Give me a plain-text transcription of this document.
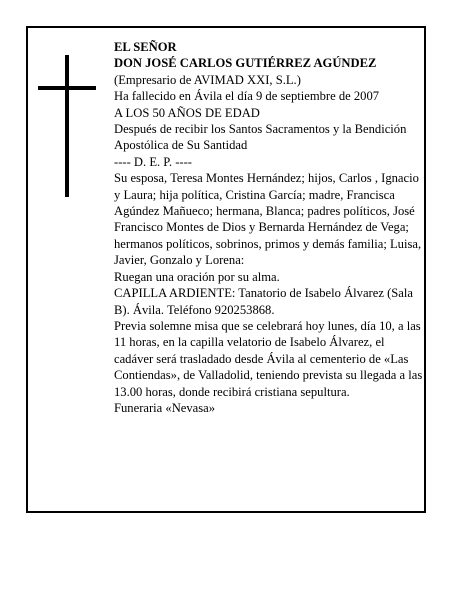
EL SEÑOR

DON JOSÉ CARLOS GUTIÉRREZ AGÚNDEZ

(Empresario de AVIMAD XXI, S.L.)

Ha fallecido en Ávila el día 9 de septiembre de 2007

A LOS 50 AÑOS DE EDAD

Después de recibir los Santos Sacramentos y la Bendición Apostólica de Su Santidad

---- D. E. P. ----

Su esposa, Teresa Montes Hernández; hijos, Carlos , Ignacio y Laura; hija política, Cristina García; madre, Francisca Agúndez Mañueco; hermana, Blanca; padres políticos, José Francisco Montes de Dios y Bernarda Hernández de Vega; hermanos políticos, sobrinos, primos y demás familia; Luisa, Javier, Gonzalo y Lorena:

Ruegan una oración por su alma.

CAPILLA ARDIENTE: Tanatorio de Isabelo Álvarez (Sala B). Ávila. Teléfono 920253868.

Previa solemne misa que se celebrará hoy lunes, día 10, a las 11 horas, en la capilla velatorio de Isabelo Álvarez, el cadáver será trasladado desde Ávila al cementerio de «Las Contiendas», de Valladolid, teniendo prevista su llegada a las 13.00 horas, donde recibirá cristiana sepultura.

Funeraria «Nevasa»
